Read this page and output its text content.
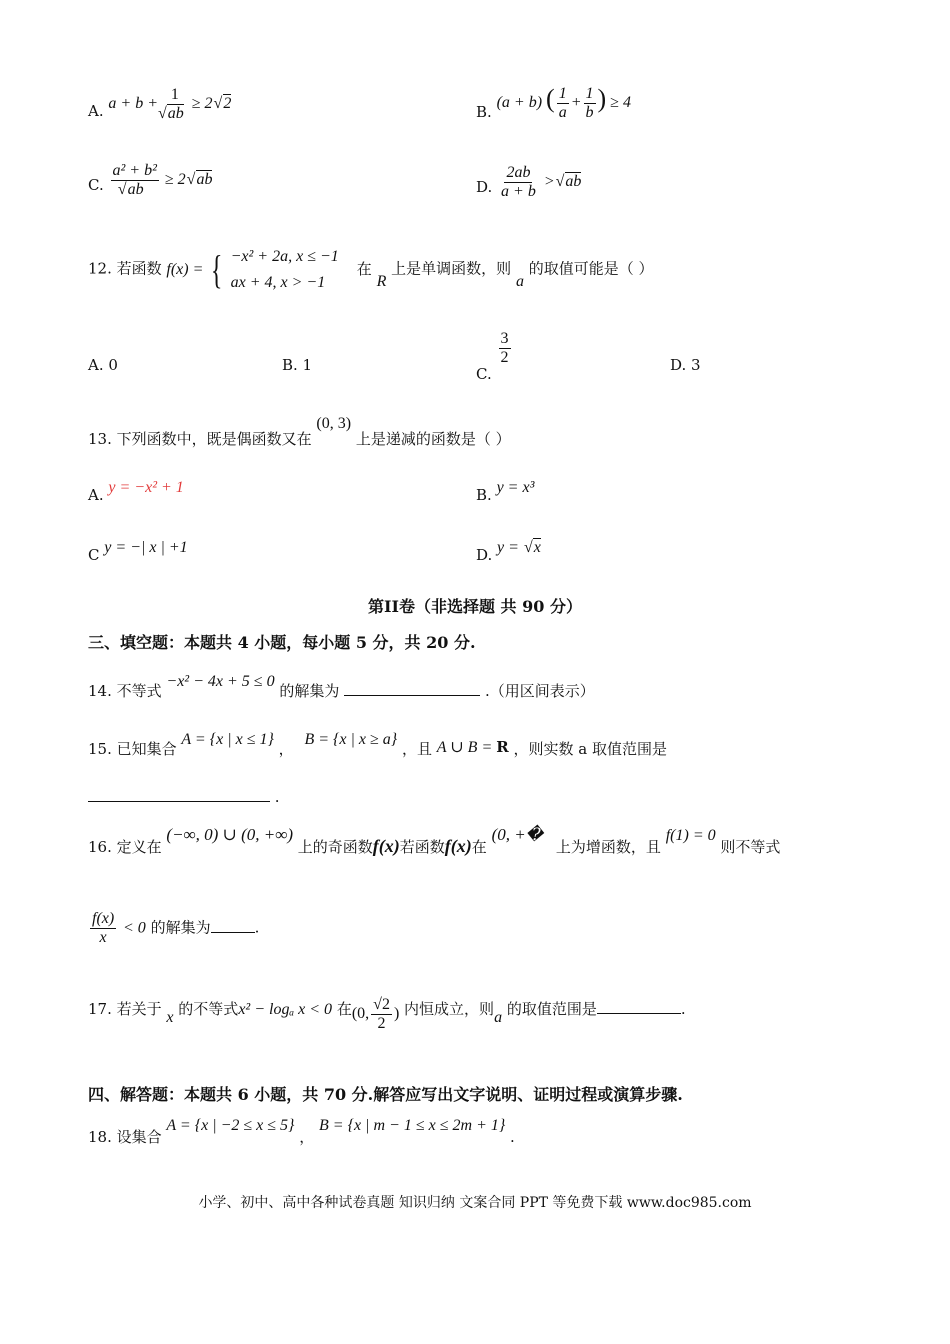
A. a + b + 1
√ ab ≥ 2 √ 2	B. (a + b) ( $\frac{1}{a} + \frac{1}{b}$ ) ≥ 4
C. a² + b²
√ ab ≥ 2 √ ab	D. $\frac{2ab}{a + b}$ > √ ab
12. 若函数 f(x) = { −x² + 2a, x ≤ −1
ax + 4, x > −1
在 R 上是单调函数，则 a 的取值可能是（ ）
A. 0	B. 1	C.
$\frac{3}{2}$	D. 3
13. 下列函数中，既是偶函数又在 (0, 3) 上是递减的函数是（ ）
A. y = −x² + 1	B. y = x³
C y = −| x | +1	D. y = √ x
第II卷（非选择题 共 90 分）
三、填空题：本题共 4 小题，每小题 5 分，共 20 分.
14. 不等式 −x² − 4x + 5 ≤ 0 的解集为	.（用区间表示）
15. 已知集合 A = {x | x ≤ 1} ， B = {x | x ≥ a} ，且 A ∪ B = R ，则实数 a 取值范围是
.
16. 定义在 (−∞, 0) ∪ (0, +∞) 上的奇函数f(x)若函数f(x)在 (0, +� 上为增函数，且 f(1) = 0 则不等式
$\frac{f(x)}{x} < 0$ 的解集为	.
17. 若关于 x 的不等式x² − logₐ x < 0 在(0, $\frac{√2}{2}$ ) 内恒成立，则a 的取值范围是	.
四、解答题：本题共 6 小题，共 70 分.解答应写出文字说明、证明过程或演算步骤.
18. 设集合 A = {x | −2 ≤ x ≤ 5} ， B = {x | m − 1 ≤ x ≤ 2m + 1} .
小学、初中、高中各种试卷真题 知识归纳 文案合同 PPT 等免费下载 www.doc985.com
